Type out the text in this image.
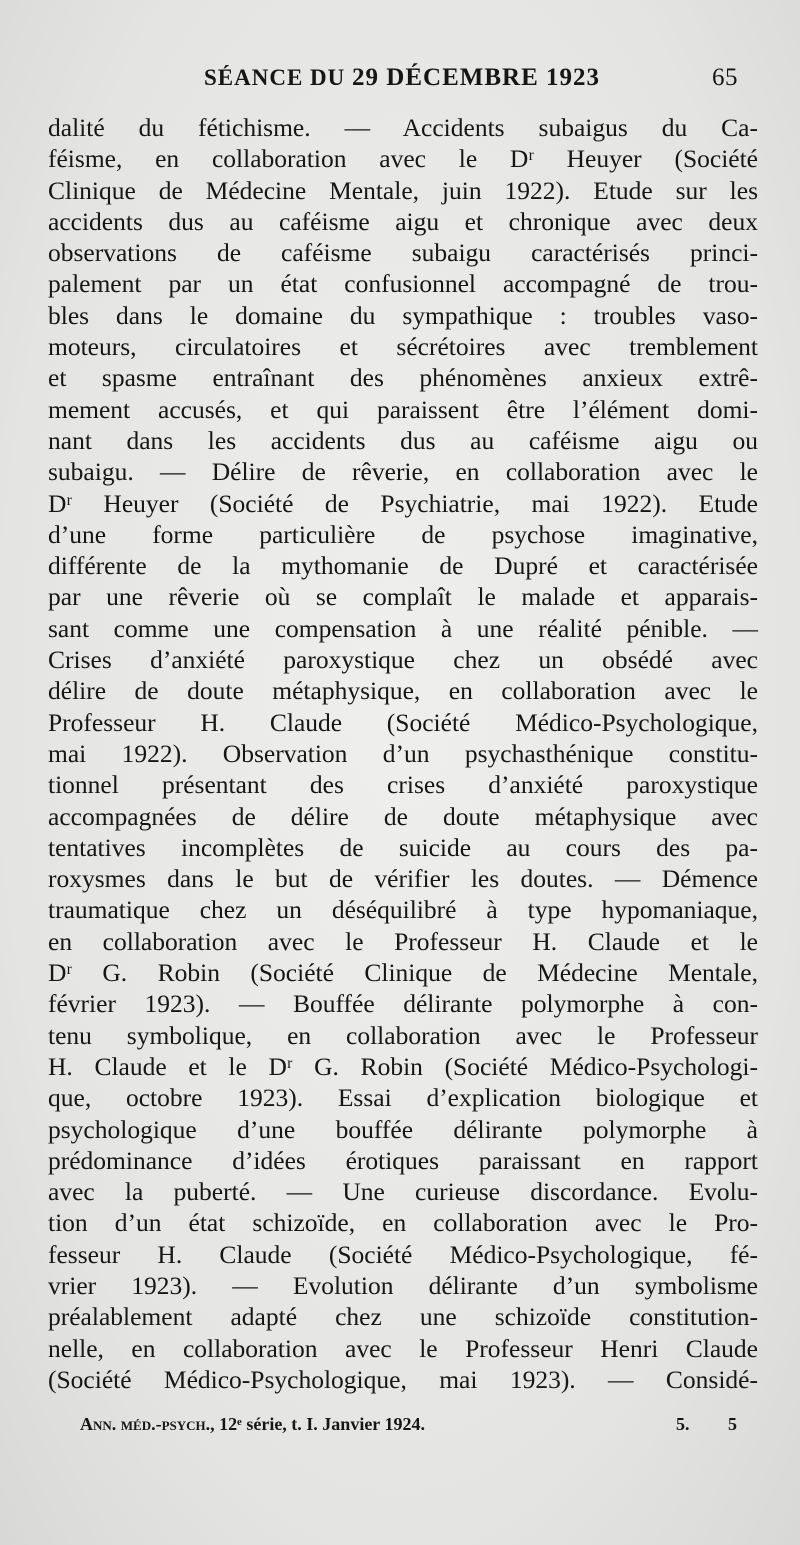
SÉANCE DU 29 DÉCEMBRE 1923	65
dalité du fétichisme. — Accidents subaigus du Ca-
féisme, en collaboration avec le Dʳ Heuyer (Société
Clinique de Médecine Mentale, juin 1922). Etude sur les
accidents dus au caféisme aigu et chronique avec deux
observations de caféisme subaigu caractérisés princi-
palement par un état confusionnel accompagné de trou-
bles dans le domaine du sympathique : troubles vaso-
moteurs, circulatoires et sécrétoires avec tremblement
et spasme entraînant des phénomènes anxieux extrê-
mement accusés, et qui paraissent être l’élément domi-
nant dans les accidents dus au caféisme aigu ou
subaigu. — Délire de rêverie, en collaboration avec le
Dʳ Heuyer (Société de Psychiatrie, mai 1922). Etude
d’une forme particulière de psychose imaginative,
différente de la mythomanie de Dupré et caractérisée
par une rêverie où se complaît le malade et apparais-
sant comme une compensation à une réalité pénible. —
Crises d’anxiété paroxystique chez un obsédé avec
délire de doute métaphysique, en collaboration avec le
Professeur H. Claude (Société Médico-Psychologique,
mai 1922). Observation d’un psychasthénique constitu-
tionnel présentant des crises d’anxiété paroxystique
accompagnées de délire de doute métaphysique avec
tentatives incomplètes de suicide au cours des pa-
roxysmes dans le but de vérifier les doutes. — Démence
traumatique chez un déséquilibré à type hypomaniaque,
en collaboration avec le Professeur H. Claude et le
Dʳ G. Robin (Société Clinique de Médecine Mentale,
février 1923). — Bouffée délirante polymorphe à con-
tenu symbolique, en collaboration avec le Professeur
H. Claude et le Dʳ G. Robin (Société Médico-Psychologi-
que, octobre 1923). Essai d’explication biologique et
psychologique d’une bouffée délirante polymorphe à
prédominance d’idées érotiques paraissant en rapport
avec la puberté. — Une curieuse discordance. Evolu-
tion d’un état schizoïde, en collaboration avec le Pro-
fesseur H. Claude (Société Médico-Psychologique, fé-
vrier 1923). — Evolution délirante d’un symbolisme
préalablement adapté chez une schizoïde constitution-
nelle, en collaboration avec le Professeur Henri Claude
(Société Médico-Psychologique, mai 1923). — Considé-
Ann. méd.-psych., 12ᵉ série, t. I. Janvier 1924.	5. 5
